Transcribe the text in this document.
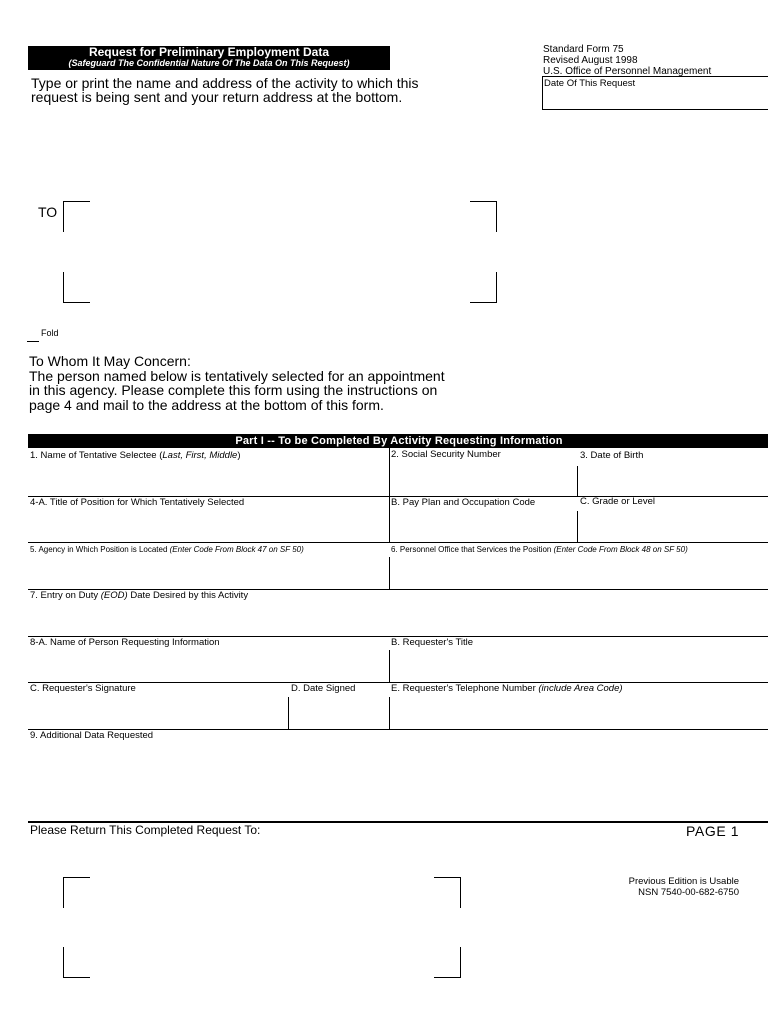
Request for Preliminary Employment Data
(Safeguard The Confidential Nature Of The Data On This Request)
Standard Form 75
Revised August 1998
U.S. Office of Personnel Management
Date Of This Request
Type or print the name and address of the activity to which this
request is being sent and your return address at the bottom.
TO
Fold
To Whom It May Concern:
The person named below is tentatively selected for an appointment
in this agency. Please complete this form using the instructions on
page 4 and mail to the address at the bottom of this form.
Part I -- To be Completed By Activity Requesting Information
1. Name of Tentative Selectee (Last, First, Middle)	2. Social Security Number	3. Date of Birth
4-A. Title of Position for Which Tentatively Selected	B. Pay Plan and Occupation Code	C. Grade or Level
5. Agency in Which Position is Located (Enter Code From Block 47 on SF 50)	6. Personnel Office that Services the Position (Enter Code From Block 48 on SF 50)
7. Entry on Duty (EOD) Date Desired by this Activity
8-A. Name of Person Requesting Information	B. Requester's Title
C. Requester's Signature	D. Date Signed	E. Requester's Telephone Number (include Area Code)
9. Additional Data Requested
Please Return This Completed Request To:	PAGE 1
Previous Edition is Usable
NSN 7540-00-682-6750
